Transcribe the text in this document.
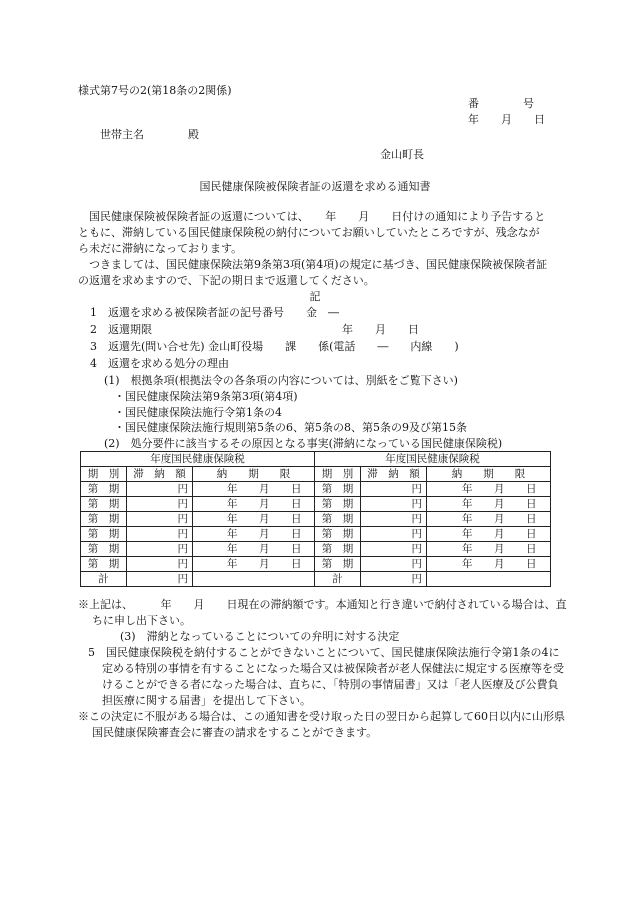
様式第7号の2(第18条の2関係)
番　　　　号
年　　月　　日
世帯主名　　　　殿
金山町長
国民健康保険被保険者証の返還を求める通知書

国民健康保険被保険者証の返還については、　　年　　月　　日付けの通知により予告するとともに、滞納している国民健康保険税の納付についてお願いしていたところですが、残念ながら未だに滞納になっております。

つきましては、国民健康保険法第9条第3項(第4項)の規定に基づき、国民健康保険被保険者証の返還を求めますので、下記の期日まで返還してください。

記
1　返還を求める被保険者証の記号番号　　金　―
2　返還期限	年　　月　　日
3　返還先(問い合せ先) 金山町役場　　課　　係(電話　　―　　内線　　)
4　返還を求める処分の理由
(1)　根拠条項(根拠法令の各条項の内容については、別紙をご覧下さい)
・国民健康保険法第9条第3項(第4項)
・国民健康保険法施行令第1条の4
・国民健康保険法施行規則第5条の6、第5条の8、第5条の9及び第15条
(2)　処分要件に該当するその原因となる事実(滞納になっている国民健康保険税)
年度国民健康保険税			年度国民健康保険税		
期　別	滞　納　額	納　　期　　限	期　別	滞　納　額	納　　期　　限
第　期	円	年 月 日	第　期	円	年 月 日
第　期	円	年 月 日	第　期	円	年 月 日
第　期	円	年 月 日	第　期	円	年 月 日
第　期	円	年 月 日	第　期	円	年 月 日
第　期	円	年 月 日	第　期	円	年 月 日
第　期	円	年 月 日	第　期	円	年 月 日
計	円		計	円	
※上記は、　　　年　　月　　日現在の滞納額です。本通知と行き違いで納付されている場合は、直ちに申し出下さい。
(3)　滞納となっていることについての弁明に対する決定
5　国民健康保険税を納付することができないことについて、国民健康保険法施行令第1条の4に定める特別の事情を有することになった場合又は被保険者が老人保健法に規定する医療等を受けることができる者になった場合は、直ちに、「特別の事情届書」又は「老人医療及び公費負担医療に関する届書」を提出して下さい。
※この決定に不服がある場合は、この通知書を受け取った日の翌日から起算して60日以内に山形県国民健康保険審査会に審査の請求をすることができます。
